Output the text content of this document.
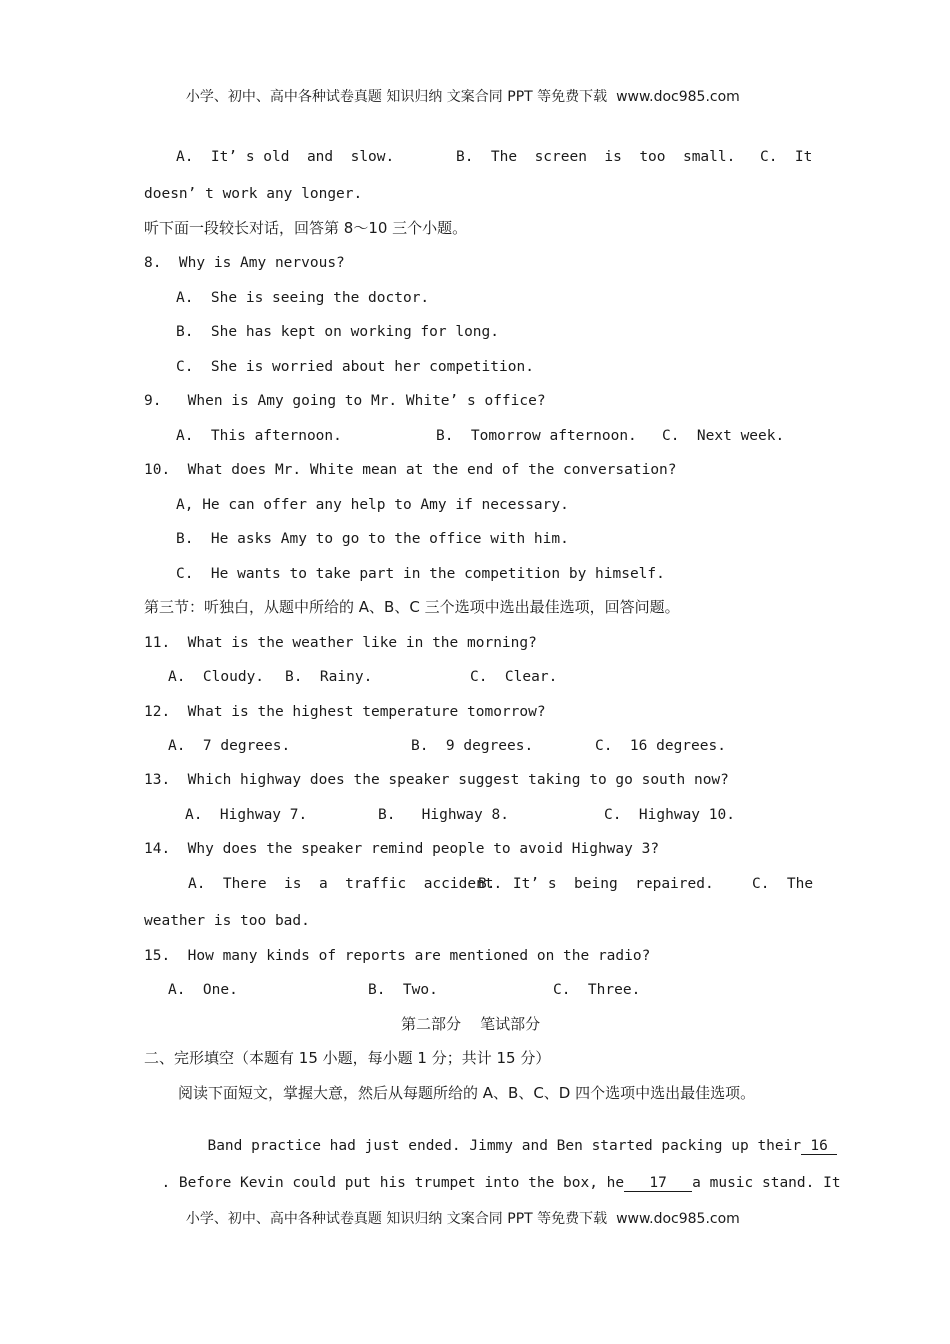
小学、初中、高中各种试卷真题 知识归纳 文案合同 PPT 等免费下载 www.doc985.com

A.  It’ s old  and  slow.	B.  The  screen  is  too  small. C.  It
doesn’ t work any longer.
听下面一段较长对话，回答第 8～10 三个小题。
8.  Why is Amy nervous?
A.  She is seeing the doctor.
B.  She has kept on working for long.
C.  She is worried about her competition.
9.   When is Amy going to Mr. White’ s office?
A.  This afternoon.	B.  Tomorrow afternoon. C.  Next week.
10.  What does Mr. White mean at the end of the conversation?
A, He can offer any help to Amy if necessary.
B.  He asks Amy to go to the office with him.
C.  He wants to take part in the competition by himself.
第三节：听独白，从题中所给的 A、B、C 三个选项中选出最佳选项，回答问题。
11.  What is the weather like in the morning?
A.  Cloudy. B.  Rainy.	C.  Clear.
12.  What is the highest temperature tomorrow?
A.  7 degrees.	B.  9 degrees.	C.  16 degrees.
13.  Which highway does the speaker suggest taking to go south now?
A.  Highway 7.	B.   Highway 8.	C.  Highway 10.
14.  Why does the speaker remind people to avoid Highway 3?
A.  There  is  a  traffic  accident.
B.  It’ s  being  repaired.	C.  The
weather is too bad.
15.  How many kinds of reports are mentioned on the radio?
A.  One.	B.  Two.	C.  Three.
第二部分    笔试部分
二、完形填空（本题有 15 小题，每小题 1 分；共计 15 分）
阅读下面短文，掌握大意，然后从每题所给的 A、B、C、D 四个选项中选出最佳选项。

Band practice had just ended. Jimmy and Ben started packing up their 16

. Before Kevin could put his trumpet into the box, he 17 a music stand. It

小学、初中、高中各种试卷真题 知识归纳 文案合同 PPT 等免费下载 www.doc985.com
